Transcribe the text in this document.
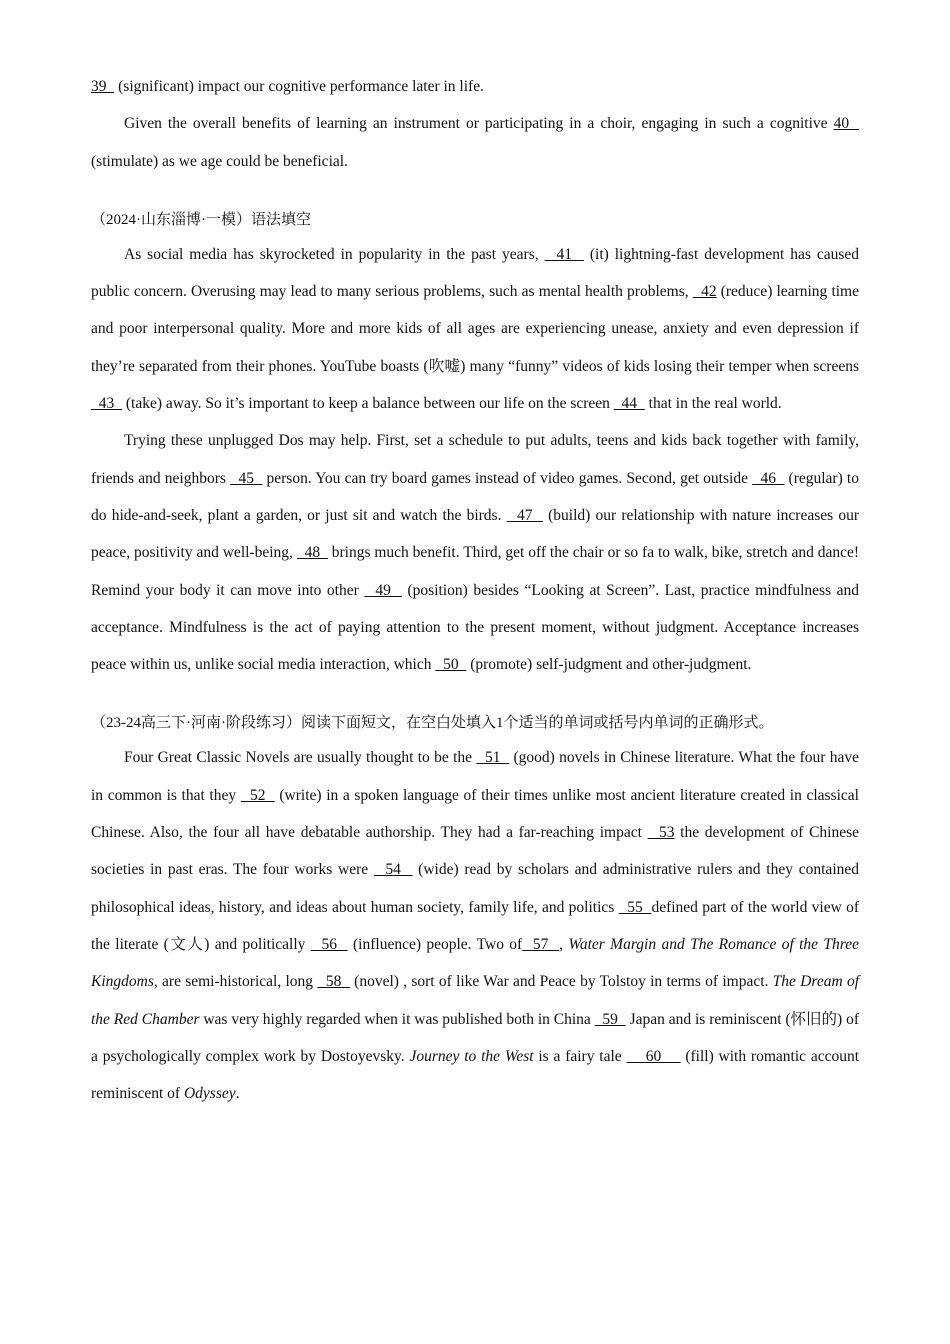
39   (significant) impact our cognitive performance later in life.

Given the overall benefits of learning an instrument or participating in a choir, engaging in such a cognitive 40   (stimulate) as we age could be beneficial.

（2024·山东淄博·一模）语法填空

As social media has skyrocketed in popularity in the past years,   41   (it) lightning-fast development has caused public concern. Overusing may lead to many serious problems, such as mental health problems,   42 (reduce) learning time and poor interpersonal quality. More and more kids of all ages are experiencing unease, anxiety and even depression if they’re separated from their phones. YouTube boasts (吹嘘) many “funny” videos of kids losing their temper when screens   43   (take) away. So it’s important to keep a balance between our life on the screen   44   that in the real world.

Trying these unplugged Dos may help. First, set a schedule to put adults, teens and kids back together with family, friends and neighbors   45   person. You can try board games instead of video games. Second, get outside   46   (regular) to do hide-and-seek, plant a garden, or just sit and watch the birds.   47   (build) our relationship with nature increases our peace, positivity and well-being,   48   brings much benefit. Third, get off the chair or so fa to walk, bike, stretch and dance! Remind your body it can move into other   49   (position) besides “Looking at Screen”. Last, practice mindfulness and acceptance. Mindfulness is the act of paying attention to the present moment, without judgment. Acceptance increases peace within us, unlike social media interaction, which   50   (promote) self-judgment and other-judgment.

（23-24高三下·河南·阶段练习）阅读下面短文，在空白处填入1个适当的单词或括号内单词的正确形式。

Four Great Classic Novels are usually thought to be the   51   (good) novels in Chinese literature. What the four have in common is that they   52   (write) in a spoken language of their times unlike most ancient literature created in classical Chinese. Also, the four all have debatable authorship. They had a far-reaching impact   53 the development of Chinese societies in past eras. The four works were   54   (wide) read by scholars and administrative rulers and they contained philosophical ideas, history, and ideas about human society, family life, and politics   55  defined part of the world view of the literate (文人) and politically   56   (influence) people. Two of  57  , Water Margin and The Romance of the Three Kingdoms, are semi-historical, long   58   (novel) , sort of like War and Peace by Tolstoy in terms of impact. The Dream of the Red Chamber was very highly regarded when it was published both in China   59   Japan and is reminiscent (怀旧的) of a psychologically complex work by Dostoyevsky. Journey to the West is a fairy tale     60     (fill) with romantic account reminiscent of Odyssey.
